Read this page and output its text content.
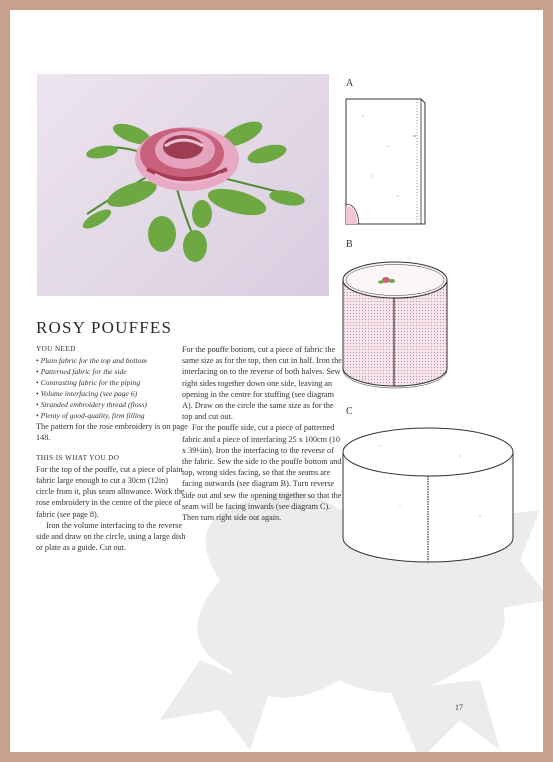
ROSY POUFFES

YOU NEED

• Plain fabric for the top and bottom
• Patterned fabric for the side
• Contrasting fabric for the piping
• Volume interfacing (see page 6)
• Stranded embroidery thread (floss)
• Plenty of good-quality, firm filling

The pattern for the rose embroidery is on page 148.

THIS IS WHAT YOU DO

For the top of the pouffe, cut a piece of plain fabric large enough to cut a 30cm (12in) circle from it, plus seam allowance. Work the rose embroidery in the centre of the piece of fabric (see page 8).

Iron the volume interfacing to the reverse side and draw on the circle, using a large dish or plate as a guide. Cut out.

For the pouffe bottom, cut a piece of fabric the same size as for the top, then cut in half. Iron the interfacing on to the reverse of both halves. Sew right sides together down one side, leaving an opening in the centre for stuffing (see diagram A). Draw on the circle the same size as for the top and cut out.

For the pouffe side, cut a piece of patterned fabric and a piece of interfacing 25 x 100cm (10 x 39½in). Iron the interfacing to the reverse of the fabric. Sew the side to the pouffe bottom and top, wrong sides facing, so that the seams are facing outwards (see diagram B). Turn reverse side out and sew the opening together so that the seam will be facing inwards (see diagram C). Then turn right side out again.

A
B
C
17
